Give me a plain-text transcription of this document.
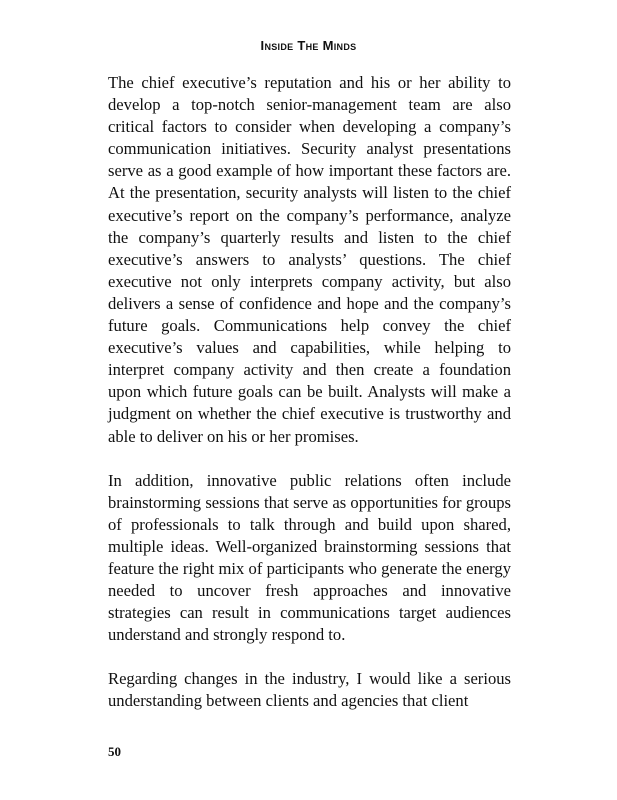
Inside The Minds

The chief executive’s reputation and his or her ability to develop a top-notch senior-management team are also critical factors to consider when developing a company’s communication initiatives. Security analyst presentations serve as a good example of how important these factors are. At the presentation, security analysts will listen to the chief executive’s report on the company’s performance, analyze the company’s quarterly results and listen to the chief executive’s answers to analysts’ questions. The chief executive not only interprets company activity, but also delivers a sense of confidence and hope and the company’s future goals. Communications help convey the chief executive’s values and capabilities, while helping to interpret company activity and then create a foundation upon which future goals can be built. Analysts will make a judgment on whether the chief executive is trustworthy and able to deliver on his or her promises.

In addition, innovative public relations often include brainstorming sessions that serve as opportunities for groups of professionals to talk through and build upon shared, multiple ideas. Well-organized brainstorming sessions that feature the right mix of participants who generate the energy needed to uncover fresh approaches and innovative strategies can result in communications target audiences understand and strongly respond to.

Regarding changes in the industry, I would like a serious understanding between clients and agencies that client

50
